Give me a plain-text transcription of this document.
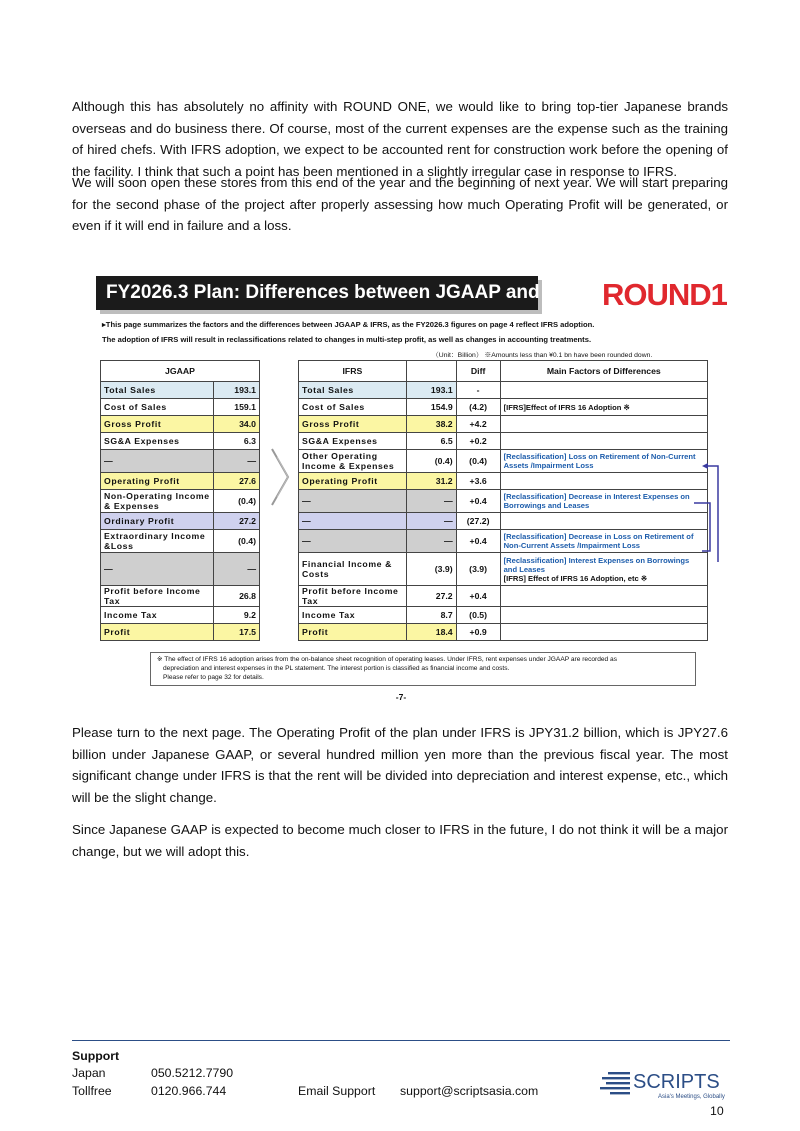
Although this has absolutely no affinity with ROUND ONE, we would like to bring top-tier Japanese brands overseas and do business there. Of course, most of the current expenses are the expense such as the training of hired chefs. With IFRS adoption, we expect to be accounted rent for construction work before the opening of the facility. I think that such a point has been mentioned in a slightly irregular case in response to IFRS.

We will soon open these stores from this end of the year and the beginning of next year. We will start preparing for the second phase of the project after properly assessing how much Operating Profit will be generated, or even if it will end in failure and a loss.

FY2026.3 Plan: Differences between JGAAP and IFRS ROUND1
▸This page summarizes the factors and the differences between JGAAP & IFRS, as the FY2026.3 figures on page 4 reflect IFRS adoption.
The adoption of IFRS will result in reclassifications related to changes in multi-step profit, as well as changes in accounting treatments.
（Unit：Billion） ※Amounts less than ¥0.1 bn have been rounded down.
JGAAP	
Total Sales	193.1
Cost of Sales	159.1
Gross Profit	34.0
SG&A Expenses	6.3
—	—
Operating Profit	27.6
Non-Operating Income & Expenses	(0.4)
Ordinary Profit	27.2
Extraordinary Income &Loss	(0.4)
—	—
Profit before Income Tax	26.8
Income Tax	9.2
Profit	17.5
IFRS		Diff	Main Factors of Differences
Total Sales	193.1	-	
Cost of Sales	154.9	(4.2)	[IFRS]Effect of IFRS 16 Adoption ※

Gross Profit	38.2	+4.2	
SG&A Expenses	6.5	+0.2	
Other Operating Income & Expenses	(0.4)	(0.4)	[Reclassification] Loss on Retirement of Non-Current Assets /Impairment Loss

Operating Profit	31.2	+3.6	
—	—	+0.4	[Reclassification] Decrease in Interest Expenses on Borrowings and Leases

—	—	(27.2)	
—	—	+0.4	[Reclassification] Decrease in Loss on Retirement of Non-Current Assets /Impairment Loss

Financial Income & Costs	(3.9)	(3.9)	[Reclassification] Interest Expenses on Borrowings and Leases
[IFRS] Effect of IFRS 16 Adoption, etc ※

Profit before Income Tax	27.2	+0.4	
Income Tax	8.7	(0.5)	
Profit	18.4	+0.9	
※ The effect of IFRS 16 adoption arises from the on-balance sheet recognition of operating leases. Under IFRS, rent expenses under JGAAP are recorded as
depreciation and interest expenses in the PL statement. The interest portion is classified as financial income and costs.
Please refer to page 32 for details.
-7-

Please turn to the next page. The Operating Profit of the plan under IFRS is JPY31.2 billion, which is JPY27.6 billion under Japanese GAAP, or several hundred million yen more than the previous fiscal year. The most significant change under IFRS is that the rent will be divided into depreciation and interest expense, etc., which will be the slight change.

Since Japanese GAAP is expected to become much closer to IFRS in the future, I do not think it will be a major change, but we will adopt this.

Support
Japan	050.5212.7790
Tollfree	0120.966.744	Email Support support@scriptsasia.com	SCRIPTS
Asia's Meetings, Globally
10
